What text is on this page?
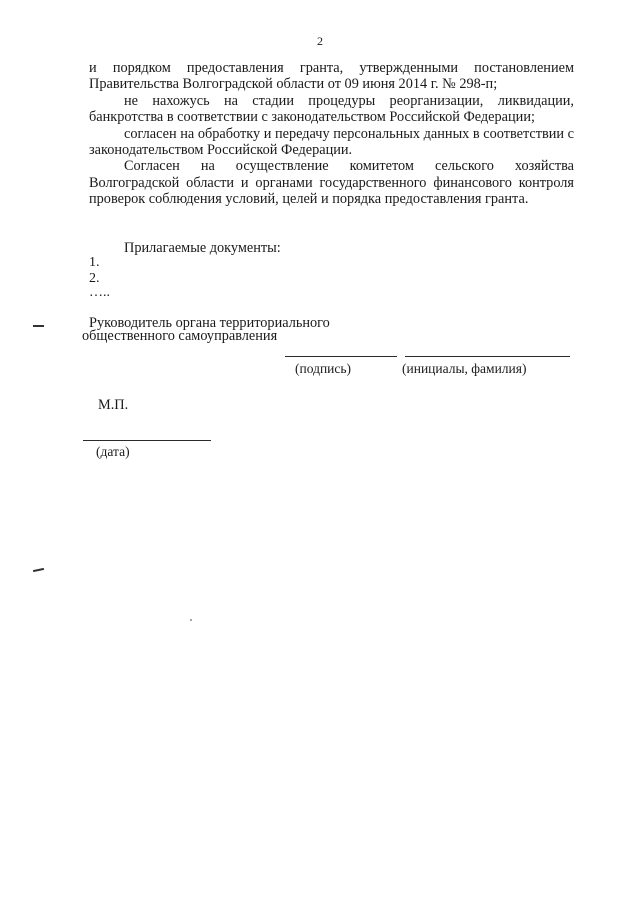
2

и порядком предоставления гранта, утвержденными постановлением Правительства Волгоградской области от 09 июня 2014 г. № 298-п;

не нахожусь на стадии процедуры реорганизации, ликвидации, банкротства в соответствии с законодательством Российской Федерации;

согласен на обработку и передачу персональных данных в соответствии с законодательством Российской Федерации.

Согласен на осуществление комитетом сельского хозяйства Волгоградской области и органами государственного финансового контроля проверок соблюдения условий, целей и порядка предоставления гранта.

Прилагаемые документы:
1.
2.
…..
Руководитель органа территориального
общественного самоуправления
(подпись)	(инициалы, фамилия)
М.П.
(дата)
